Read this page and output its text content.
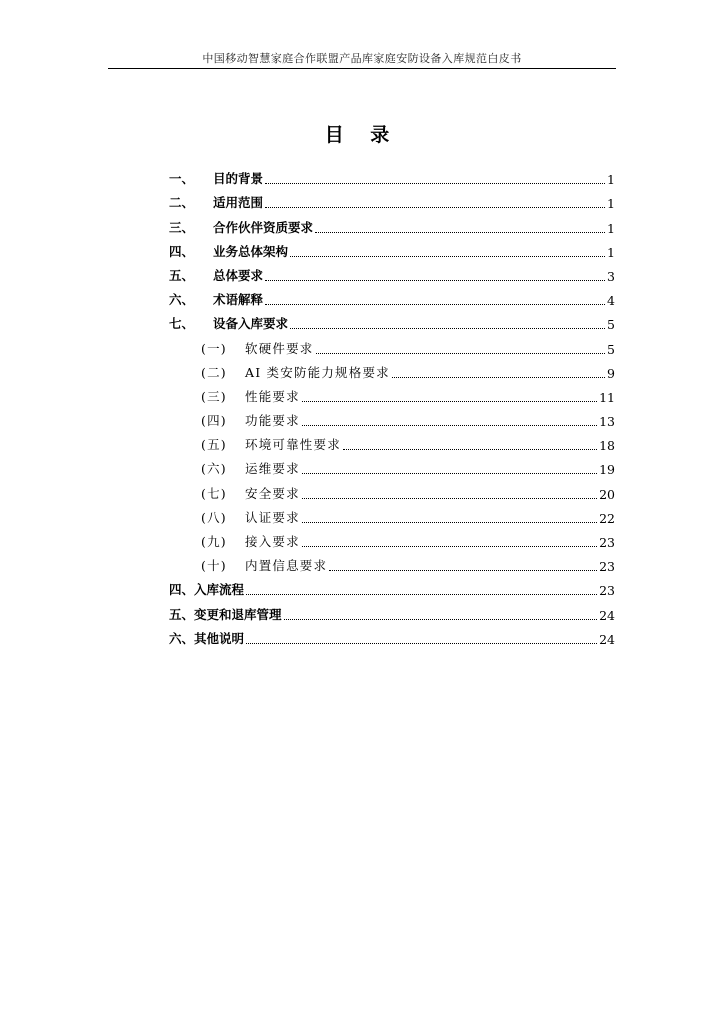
中国移动智慧家庭合作联盟产品库家庭安防设备入库规范白皮书
目 录
一、	目的背景	1
二、	适用范围	1
三、	合作伙伴资质要求	1
四、	业务总体架构	1
五、	总体要求	3
六、	术语解释	4
七、	设备入库要求	5
(一)	软硬件要求	5
(二)	AI 类安防能力规格要求	9
(三)	性能要求	11
(四)	功能要求	13
(五)	环境可靠性要求	18
(六)	运维要求	19
(七)	安全要求	20
(八)	认证要求	22
(九)	接入要求	23
(十)	内置信息要求	23
四、 入库流程	23
五、 变更和退库管理	24
六、 其他说明	24
